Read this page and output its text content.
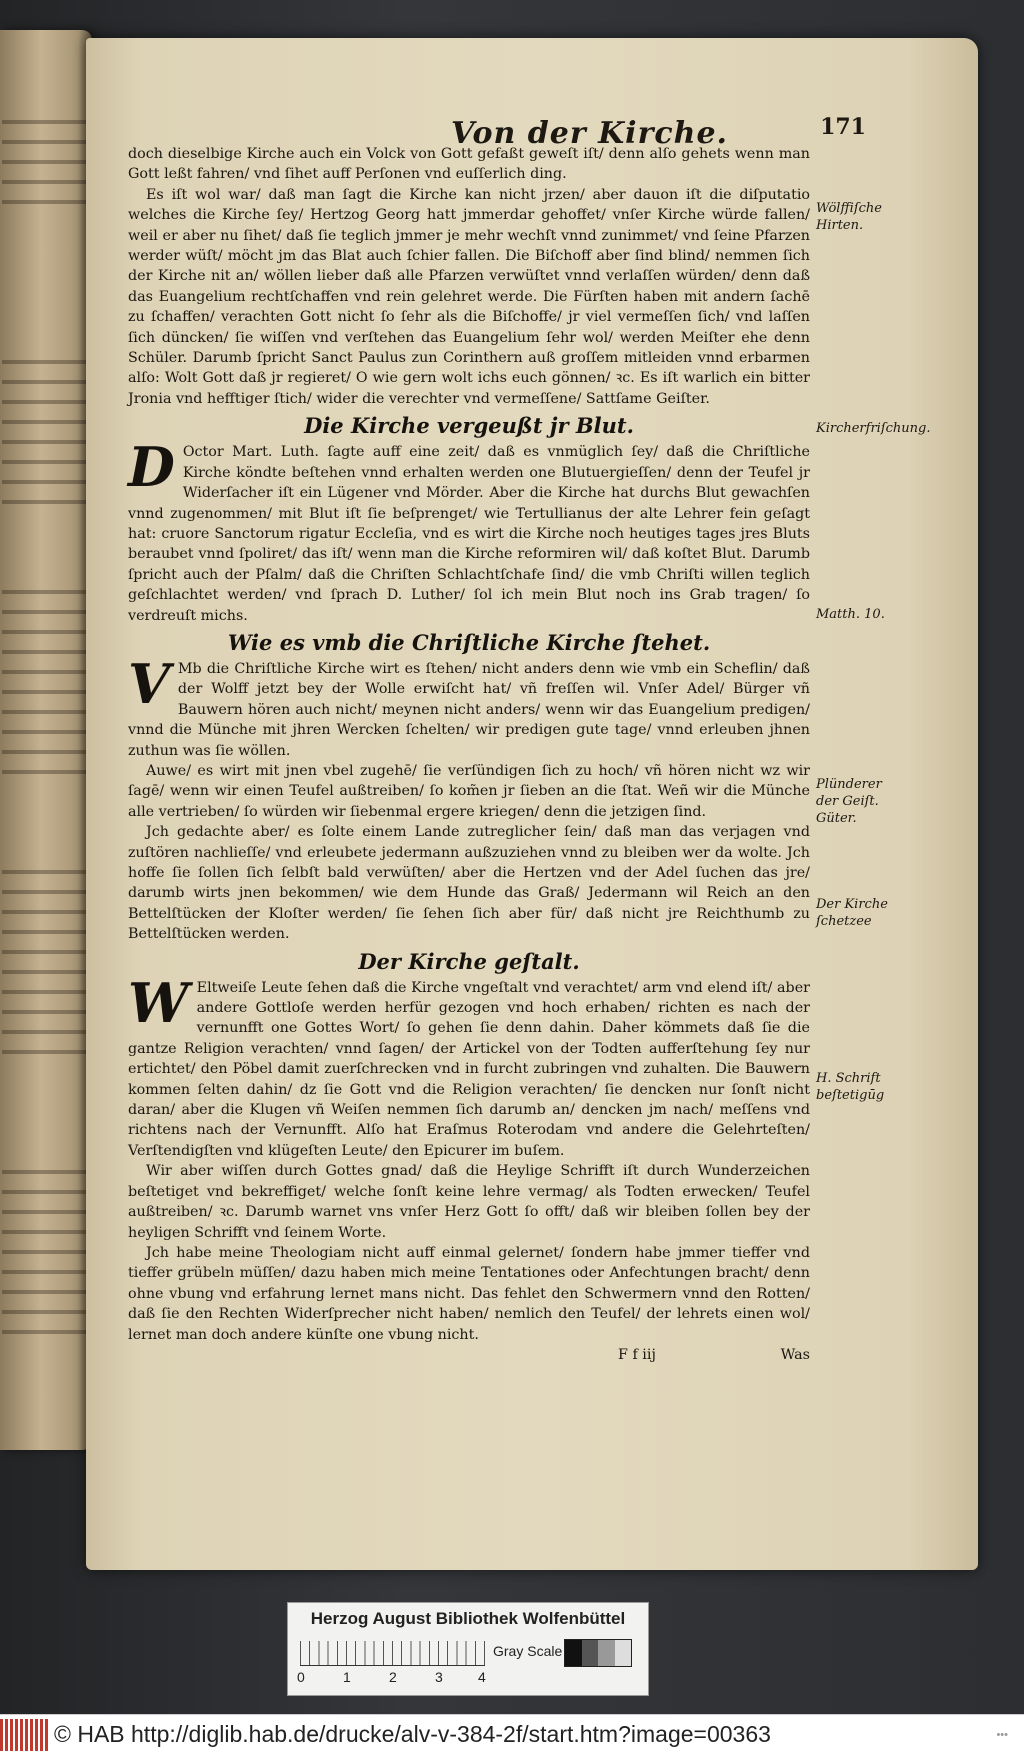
Von der Kirche.	171

doch dieselbige Kirche auch ein Volck von Gott gefaßt geweſt iſt/ denn alſo gehets wenn man Gott leßt fahren/ vnd ſihet auff Perſonen vnd euſſerlich ding.

Es iſt wol war/ daß man ſagt die Kirche kan nicht jrzen/ aber dauon iſt die diſputatio welches die Kirche ſey/ Hertzog Georg hatt jmmerdar gehoffet/ vnſer Kirche würde fallen/ weil er aber nu ſihet/ daß ſie teglich jmmer je mehr wechſt vnnd zunimmet/ vnd ſeine Pfarzen werder wüſt/ möcht jm das Blat auch ſchier fallen. Die Biſchoff aber ſind blind/ nemmen ſich der Kirche nit an/ wöllen lieber daß alle Pfarzen verwüſtet vnnd verlaſſen würden/ denn daß das Euangelium rechtſchaffen vnd rein gelehret werde. Die Fürſten haben mit andern ſachē zu ſchaffen/ verachten Gott nicht ſo ſehr als die Biſchoffe/ jr viel vermeſſen ſich/ vnd laſſen ſich düncken/ ſie wiſſen vnd verſtehen das Euangelium ſehr wol/ werden Meiſter ehe denn Schüler. Darumb ſpricht Sanct Paulus zun Corinthern auß groſſem mitleiden vnnd erbarmen alſo: Wolt Gott daß jr regieret/ O wie gern wolt ichs euch gönnen/ ꝛc. Es iſt warlich ein bitter Jronia vnd hefftiger ſtich/ wider die verechter vnd vermeſſene/ Sattſame Geiſter.

Die Kirche vergeußt jr Blut.

D Octor Mart. Luth. ſagte auff eine zeit/ daß es vnmüglich ſey/ daß die Chriſtliche Kirche köndte beſtehen vnnd erhalten werden one Blutuergieſſen/ denn der Teufel jr Widerſacher iſt ein Lügener vnd Mörder. Aber die Kirche hat durchs Blut gewachſen vnnd zugenommen/ mit Blut iſt ſie beſprenget/ wie Tertullianus der alte Lehrer fein geſagt hat: cruore Sanctorum rigatur Eccleſia, vnd es wirt die Kirche noch heutiges tages jres Bluts beraubet vnnd ſpoliret/ das iſt/ wenn man die Kirche reformiren wil/ daß koſtet Blut. Darumb ſpricht auch der Pſalm/ daß die Chriſten Schlachtſchafe ſind/ die vmb Chriſti willen teglich geſchlachtet werden/ vnd ſprach D. Luther/ ſol ich mein Blut noch ins Grab tragen/ ſo verdreuſt michs.

Wie es vmb die Chriſtliche Kirche ſtehet.

V Mb die Chriſtliche Kirche wirt es ſtehen/ nicht anders denn wie vmb ein Scheflin/ daß der Wolff jetzt bey der Wolle erwiſcht hat/ vñ freſſen wil. Vnſer Adel/ Bürger vñ Bauwern hören auch nicht/ meynen nicht anders/ wenn wir das Euangelium predigen/ vnnd die Münche mit jhren Wercken ſchelten/ wir predigen gute tage/ vnnd erleuben jhnen zuthun was ſie wöllen.

Auwe/ es wirt mit jnen vbel zugehē/ ſie verſündigen ſich zu hoch/ vñ hören nicht wz wir ſagē/ wenn wir einen Teufel außtreiben/ ſo kom̃en jr ſieben an die ſtat. Weñ wir die Münche alle vertrieben/ ſo würden wir ſiebenmal ergere kriegen/ denn die jetzigen ſind.

Jch gedachte aber/ es ſolte einem Lande zutreglicher ſein/ daß man das verjagen vnd zuſtören nachlieſſe/ vnd erleubete jedermann außzuziehen vnnd zu bleiben wer da wolte. Jch hoffe ſie ſollen ſich ſelbſt bald verwüſten/ aber die Hertzen vnd der Adel ſuchen das jre/ darumb wirts jnen bekommen/ wie dem Hunde das Graß/ Jedermann wil Reich an den Bettelſtücken der Kloſter werden/ ſie ſehen ſich aber für/ daß nicht jre Reichthumb zu Bettelſtücken werden.

Der Kirche geſtalt.

W Eltweiſe Leute ſehen daß die Kirche vngeſtalt vnd verachtet/ arm vnd elend iſt/ aber andere Gottloſe werden herfür gezogen vnd hoch erhaben/ richten es nach der vernunfft one Gottes Wort/ ſo gehen ſie denn dahin. Daher kömmets daß ſie die gantze Religion verachten/ vnnd ſagen/ der Artickel von der Todten aufferſtehung ſey nur ertichtet/ den Pöbel damit zuerſchrecken vnd in furcht zubringen vnd zuhalten. Die Bauwern kommen ſelten dahin/ dz ſie Gott vnd die Religion verachten/ ſie dencken nur ſonſt nicht daran/ aber die Klugen vñ Weiſen nemmen ſich darumb an/ dencken jm nach/ meſſens vnd richtens nach der Vernunfft. Alſo hat Eraſmus Roterodam vnd andere die Gelehrteſten/ Verſtendigſten vnd klügeſten Leute/ den Epicurer im buſem.

Wir aber wiſſen durch Gottes gnad/ daß die Heylige Schrifft iſt durch Wunderzeichen beſtetiget vnd bekreffiget/ welche ſonſt keine lehre vermag/ als Todten erwecken/ Teufel außtreiben/ ꝛc. Darumb warnet vns vnſer Herz Gott ſo offt/ daß wir bleiben ſollen bey der heyligen Schrifft vnd ſeinem Worte.

Jch habe meine Theologiam nicht auff einmal gelernet/ ſondern habe jmmer tieffer vnd tieffer grübeln müſſen/ dazu haben mich meine Tentationes oder Anfechtungen bracht/ denn ohne vbung vnd erfahrung lernet mans nicht. Das fehlet den Schwermern vnnd den Rotten/ daß ſie den Rechten Widerſprecher nicht haben/ nemlich den Teufel/ der lehrets einen wol/ lernet man doch andere künſte one vbung nicht.

F f iij	Was
Wölffiſche Hirten.
Kircherfriſchung.
Matth. 10.
Plünderer der Geiſt. Güter.
Der Kirche ſchetzee
H. Schrift beſtetigūg
Herzog August Bibliothek Wolfenbüttel
0	1	2	3	4
Gray Scale
© HAB http://diglib.hab.de/drucke/alv-v-384-2f/start.htm?image=00363	•••
